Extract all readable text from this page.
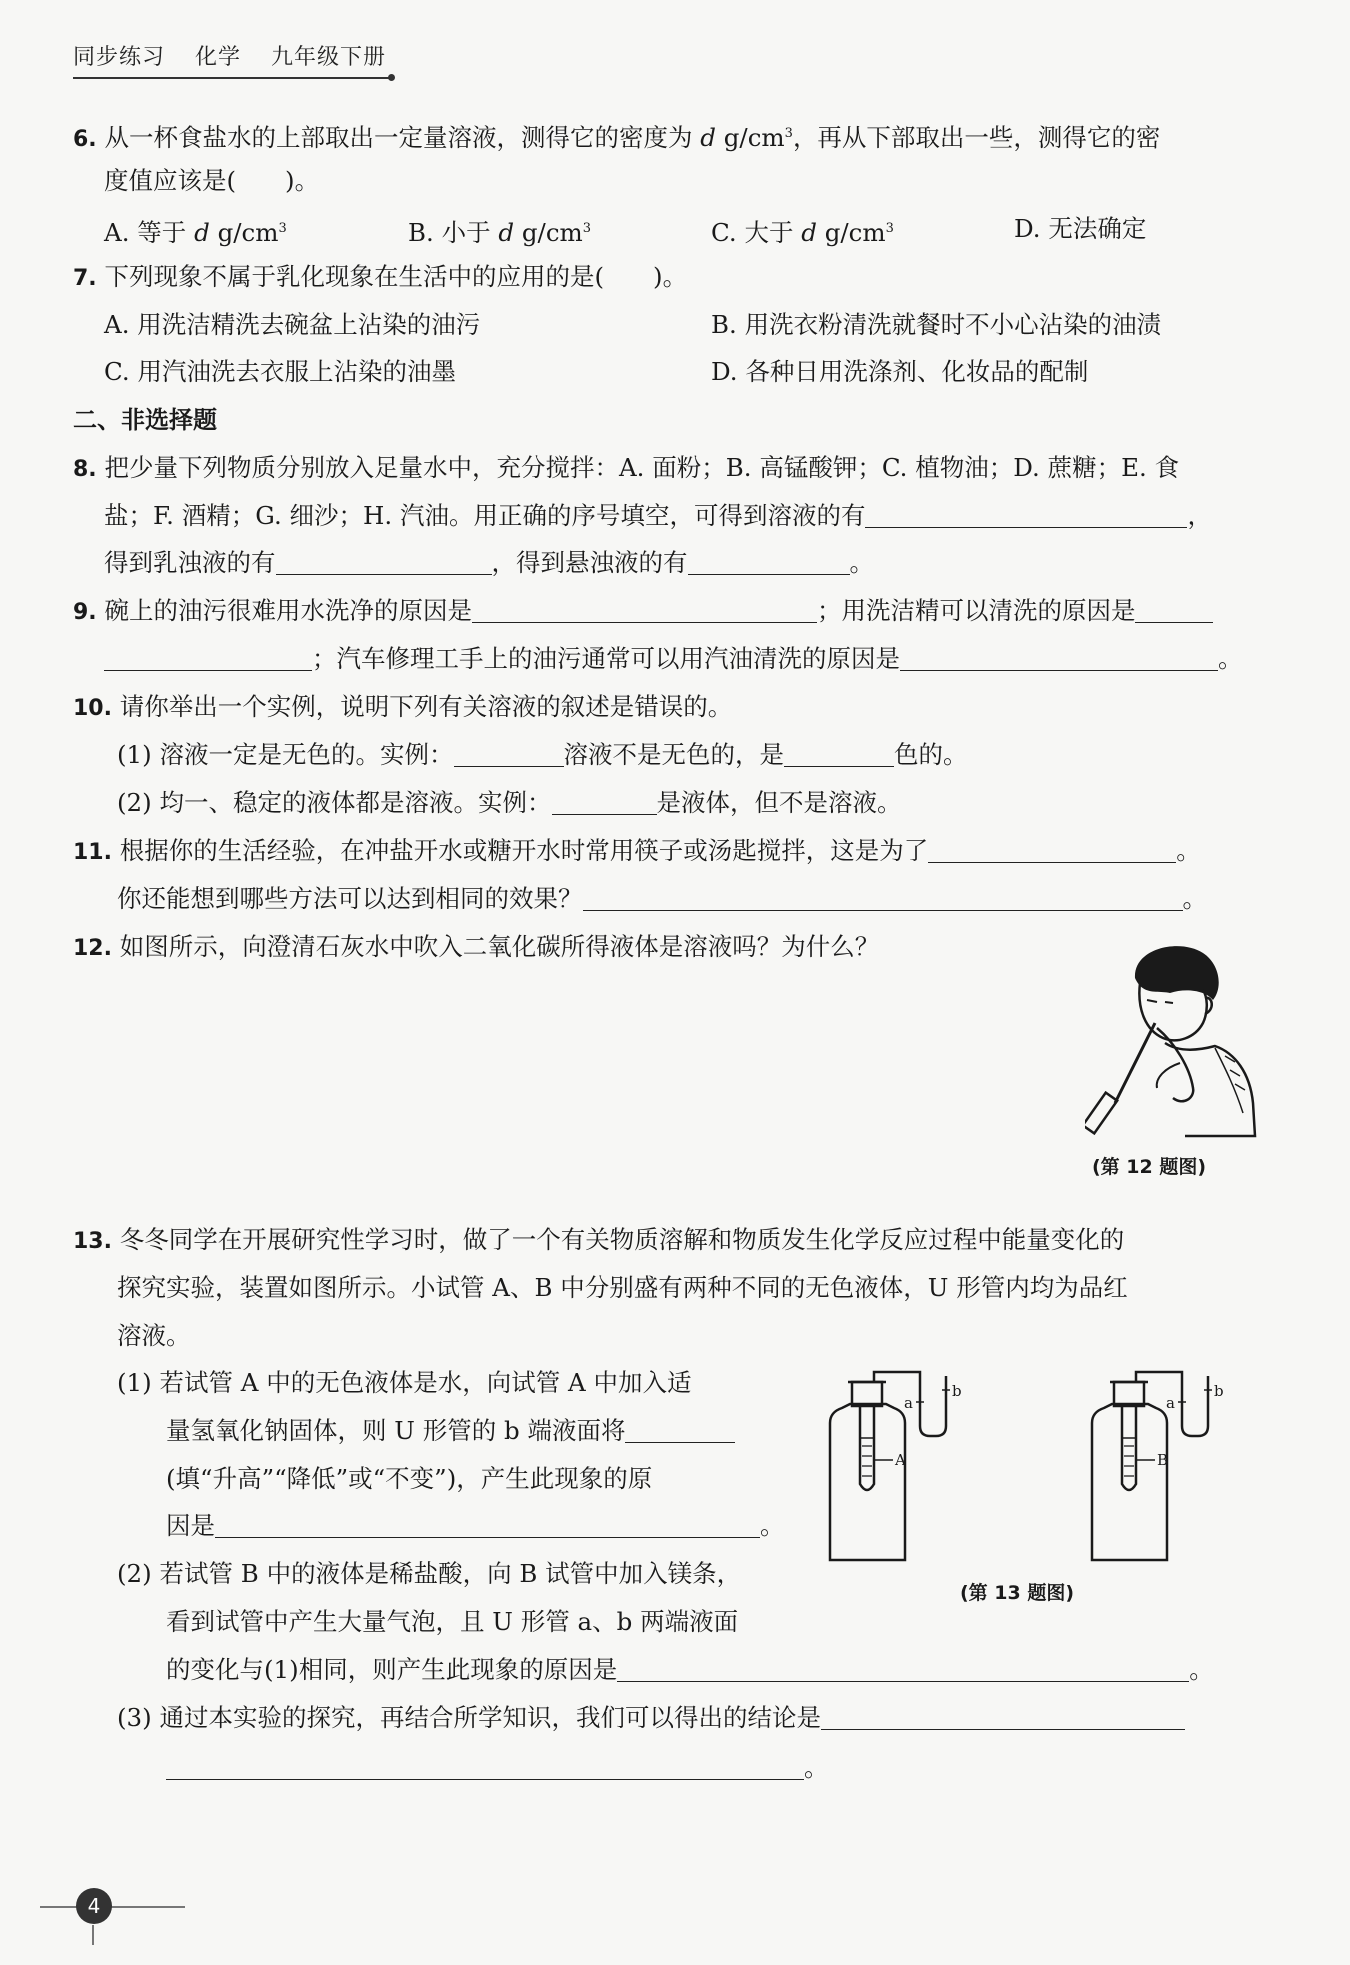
同步练习 化学 九年级下册
6. 从一杯食盐水的上部取出一定量溶液，测得它的密度为 d $g/cm^3$，再从下部取出一些，测得它的密
度值应该是(　　)。
A. 等于 d $g/cm^3$	B. 小于 d $g/cm^3$	C. 大于 d $g/cm^3$	D. 无法确定
7. 下列现象不属于乳化现象在生活中的应用的是(　　)。
A. 用洗洁精洗去碗盆上沾染的油污	B. 用洗衣粉清洗就餐时不小心沾染的油渍
C. 用汽油洗去衣服上沾染的油墨	D. 各种日用洗涤剂、化妆品的配制
二、非选择题
8. 把少量下列物质分别放入足量水中，充分搅拌：A. 面粉；B. 高锰酸钾；C. 植物油；D. 蔗糖；E. 食
盐；F. 酒精；G. 细沙；H. 汽油。用正确的序号填空，可得到溶液的有	，
得到乳浊液的有	，得到悬浊液的有	。
9. 碗上的油污很难用水洗净的原因是	；用洗洁精可以清洗的原因是
；汽车修理工手上的油污通常可以用汽油清洗的原因是	。
10. 请你举出一个实例，说明下列有关溶液的叙述是错误的。
(1) 溶液一定是无色的。实例：	溶液不是无色的，是	色的。
(2) 均一、稳定的液体都是溶液。实例：	是液体，但不是溶液。
11. 根据你的生活经验，在冲盐开水或糖开水时常用筷子或汤匙搅拌，这是为了	。
你还能想到哪些方法可以达到相同的效果？	。
12. 如图所示，向澄清石灰水中吹入二氧化碳所得液体是溶液吗？为什么？
(第 12 题图)
13. 冬冬同学在开展研究性学习时，做了一个有关物质溶解和物质发生化学反应过程中能量变化的
探究实验，装置如图所示。小试管 A、B 中分别盛有两种不同的无色液体，U 形管内均为品红
溶液。
(1) 若试管 A 中的无色液体是水，向试管 A 中加入适
量氢氧化钠固体，则 U 形管的 b 端液面将
(填“升高”“降低”或“不变”)，产生此现象的原
因是	。
(2) 若试管 B 中的液体是稀盐酸，向 B 试管中加入镁条，
看到试管中产生大量气泡，且 U 形管 a、b 两端液面
的变化与(1)相同，则产生此现象的原因是	。
(3) 通过本实验的探究，再结合所学知识，我们可以得出的结论是
。
a
b
A
a
b
B
(第 13 题图)
4
